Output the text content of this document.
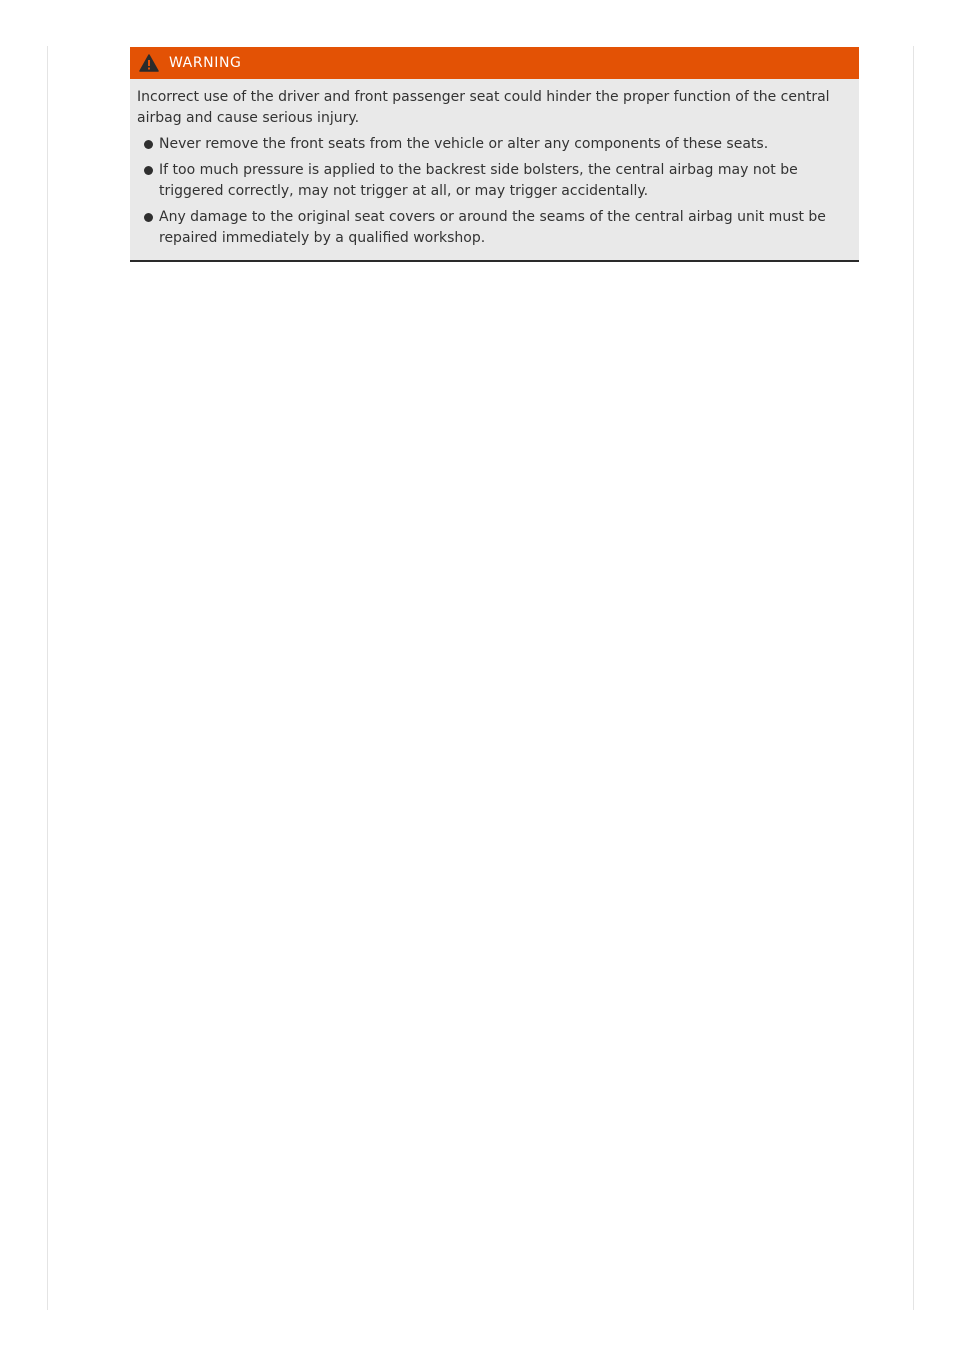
WARNING

Incorrect use of the driver and front passenger seat could hinder the proper function of the central airbag and cause serious injury.

Never remove the front seats from the vehicle or alter any components of these seats.
If too much pressure is applied to the backrest side bolsters, the central airbag may not be triggered correctly, may not trigger at all, or may trigger accidentally.
Any damage to the original seat covers or around the seams of the central airbag unit must be repaired immediately by a qualified workshop.
